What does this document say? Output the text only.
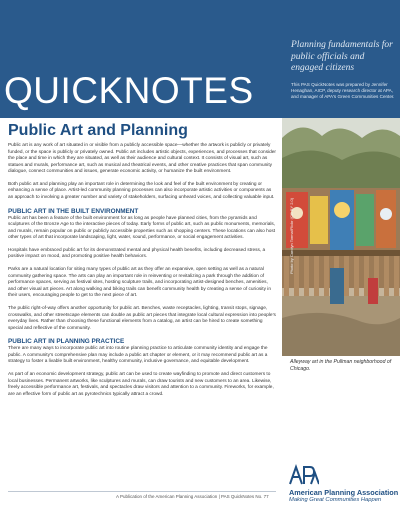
QUICKNOTES
Planning fundamentals for public officials and engaged citizens
This PAS QuickNotes was prepared by Jennifer Henaghan, AICP, deputy research director at APA, and manager of APA's Green Communities Center.
Photo by Carolyn Torma/Flickr (CC BY 2.0)
Alleyway art in the Pullman neighborhood of Chicago.
Public Art and Planning

Public art is any work of art situated in or visible from a publicly accessible space—whether the artwork is publicly or privately funded, or the space is publicly or privately owned. Public art includes artistic objects, experiences, and processes that consider the place and time in which they are situated, as well as their audience and cultural context. It consists of visual art, such as statues and murals, performance art, such as musical and theatrical events, and other creative practices that span community dialogue, connect communities and issues, generate economic activity, or humanize the built environment.

Both public art and planning play an important role in determining the look and feel of the built environment by creating or enhancing a sense of place. Artist-led community planning processes can also incorporate artistic activities or components as an approach to involving a greater number and variety of stakeholders, surfacing unheard voices, and collecting valuable input.

PUBLIC ART IN THE BUILT ENVIRONMENT

Public art has been a feature of the built environment for as long as people have planned cities, from the pyramids and sculptures of the Bronze Age to the interactive pieces of today. Early forms of public art, such as public monuments, memorials, and murals, remain popular on public or publicly accessible properties such as shopping centers. These locations can also host other types of art that incorporate landscaping, light, water, sound, performance, or social engagement activities.

Hospitals have embraced public art for its demonstrated mental and physical health benefits, including decreased stress, a positive impact on mood, and promoting positive health behaviors.

Parks are a natural location for siting many types of public art as they offer an expansive, open setting as well as a natural community gathering space. The arts can play an important role in reinventing or revitalizing a park through the addition of performance spaces, serving as festival sites, hosting sculpture trails, and incorporating artist-designed benches, amenities, and other visual art pieces. Art along walking and biking trails can benefit community health by creating a sense of curiosity in their users, encouraging people to get to the next piece of art.

The public right-of-way offers another opportunity for public art. Benches, waste receptacles, lighting, transit stops, signage, crosswalks, and other streetscape elements can double as public art pieces that integrate local cultural expression into people's everyday lives. Rather than choosing these functional elements from a catalog, an artist can be hired to create something special and reflective of the community.

PUBLIC ART IN PLANNING PRACTICE

There are many ways to incorporate public art into routine planning practice to articulate community identity and engage the public. A community's comprehensive plan may include a public art chapter or element, or it may recommend public art as a strategy to foster a livable built environment, healthy community, inclusive governance, and equitable development.

As part of an economic development strategy, public art can be used to create wayfinding to promote and direct customers to local businesses. Permanent artworks, like sculptures and murals, can draw tourists and new customers to an area. Likewise, freely accessible performance art, festivals, and spectacles draw visitors and attention to a community. Fireworks, for example, are an effective form of public art as pyrotechnics typically attract a crowd.

A Publication of the American Planning Association | PAS QuickNotes No. 77	American Planning Association
Making Great Communities Happen
